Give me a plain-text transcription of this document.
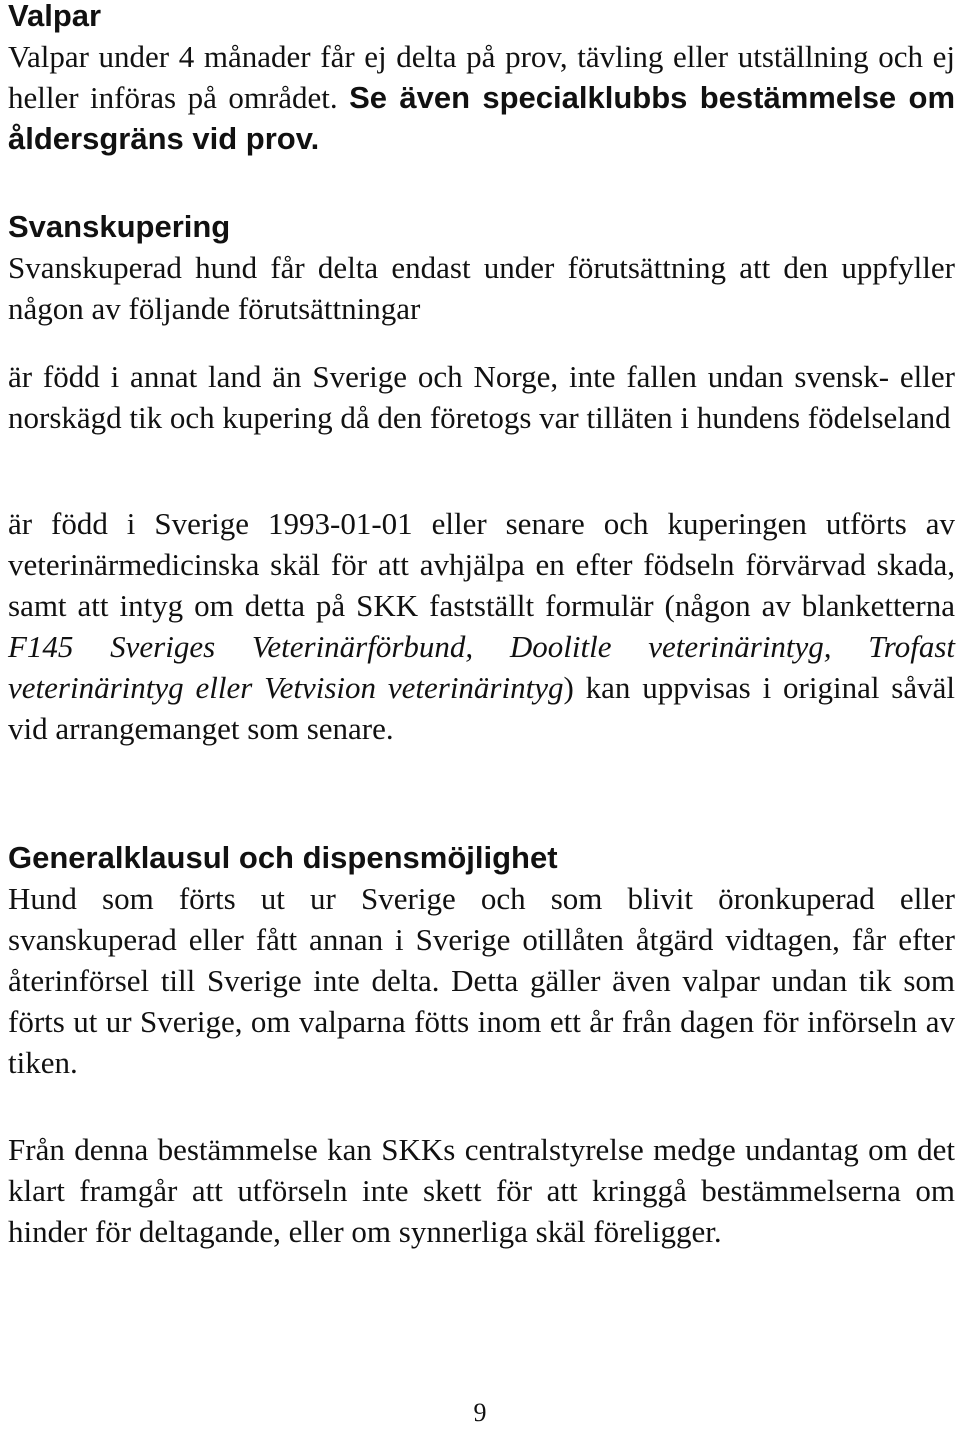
Valpar

Valpar under 4 månader får ej delta på prov, tävling eller utställning och ej heller införas på området. Se även specialklubbs bestämmelse om åldersgräns vid prov.

Svanskupering

Svanskuperad hund får delta endast under förutsättning att den uppfyller någon av följande förutsättningar

är född i annat land än Sverige och Norge, inte fallen undan svensk- eller norskägd tik och kupering då den företogs var tilläten i hundens födelseland

är född i Sverige 1993-01-01 eller senare och kuperingen utförts av veterinärmedicinska skäl för att avhjälpa en efter födseln förvärvad skada, samt att intyg om detta på SKK fastställt formulär (någon av blanketterna F145 Sveriges Veterinärförbund, Doolitle veterinärintyg, Trofast veterinärintyg eller Vetvision veterinärintyg) kan uppvisas i original såväl vid arrangemanget som senare.

Generalklausul och dispensmöjlighet

Hund som förts ut ur Sverige och som blivit öronkuperad eller svanskuperad eller fått annan i Sverige otillåten åtgärd vidtagen, får efter återinförsel till Sverige inte delta. Detta gäller även valpar undan tik som förts ut ur Sverige, om valparna fötts inom ett år från dagen för införseln av tiken.

Från denna bestämmelse kan SKKs centralstyrelse medge undantag om det klart framgår att utförseln inte skett för att kringgå bestämmelserna om hinder för deltagande, eller om synnerliga skäl föreligger.

9
